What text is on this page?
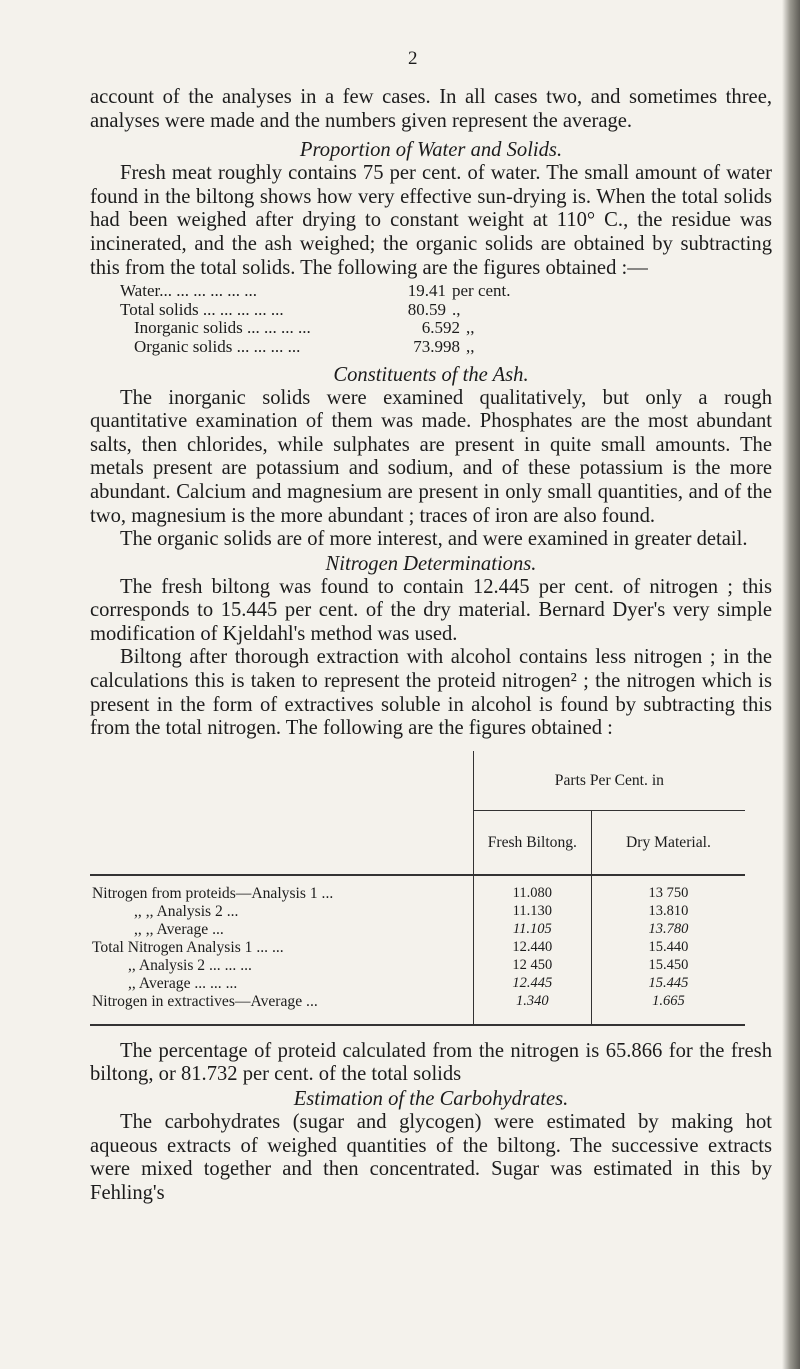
2

account of the analyses in a few cases. In all cases two, and sometimes three, analyses were made and the numbers given represent the average.

Proportion of Water and Solids.

Fresh meat roughly contains 75 per cent. of water. The small amount of water found in the biltong shows how very effective sun-drying is. When the total solids had been weighed after drying to constant weight at 110° C., the residue was incinerated, and the ash weighed; the organic solids are obtained by subtracting this from the total solids. The following are the figures obtained :—

Water... ... ... ... ... ...	19.41 per cent.
Total solids ... ... ... ... ...	80.59 .,
Inorganic solids ... ... ... ...	6.592 ,,
Organic solids ... ... ... ...	73.998 ,,
Constituents of the Ash.

The inorganic solids were examined qualitatively, but only a rough quantitative examination of them was made. Phosphates are the most abundant salts, then chlorides, while sulphates are present in quite small amounts. The metals present are potassium and sodium, and of these potassium is the more abundant. Calcium and magnesium are present in only small quantities, and of the two, magnesium is the more abundant ; traces of iron are also found.

The organic solids are of more interest, and were examined in greater detail.

Nitrogen Determinations.

The fresh biltong was found to contain 12.445 per cent. of nitrogen ; this corresponds to 15.445 per cent. of the dry material. Bernard Dyer's very simple modification of Kjeldahl's method was used.

Biltong after thorough extraction with alcohol contains less nitrogen ; in the calculations this is taken to represent the proteid nitrogen² ; the nitrogen which is present in the form of extractives soluble in alcohol is found by subtracting this from the total nitrogen. The following are the figures obtained :

	Parts Per Cent. in	
	Fresh Biltong.	Dry Material.

Nitrogen from proteids—Analysis 1 ...	11.080	13 750
,, ,, Analysis 2 ...	11.130	13.810
,, ,, Average ...	11.105	13.780
Total Nitrogen Analysis 1 ... ...	12.440	15.440
,, Analysis 2 ... ... ...	12 450	15.450
,, Average ... ... ...	12.445	15.445
Nitrogen in extractives—Average ...	1.340	1.665

The percentage of proteid calculated from the nitrogen is 65.866 for the fresh biltong, or 81.732 per cent. of the total solids

Estimation of the Carbohydrates.

The carbohydrates (sugar and glycogen) were estimated by making hot aqueous extracts of weighed quantities of the biltong. The successive extracts were mixed together and then concentrated. Sugar was estimated in this by Fehling's
